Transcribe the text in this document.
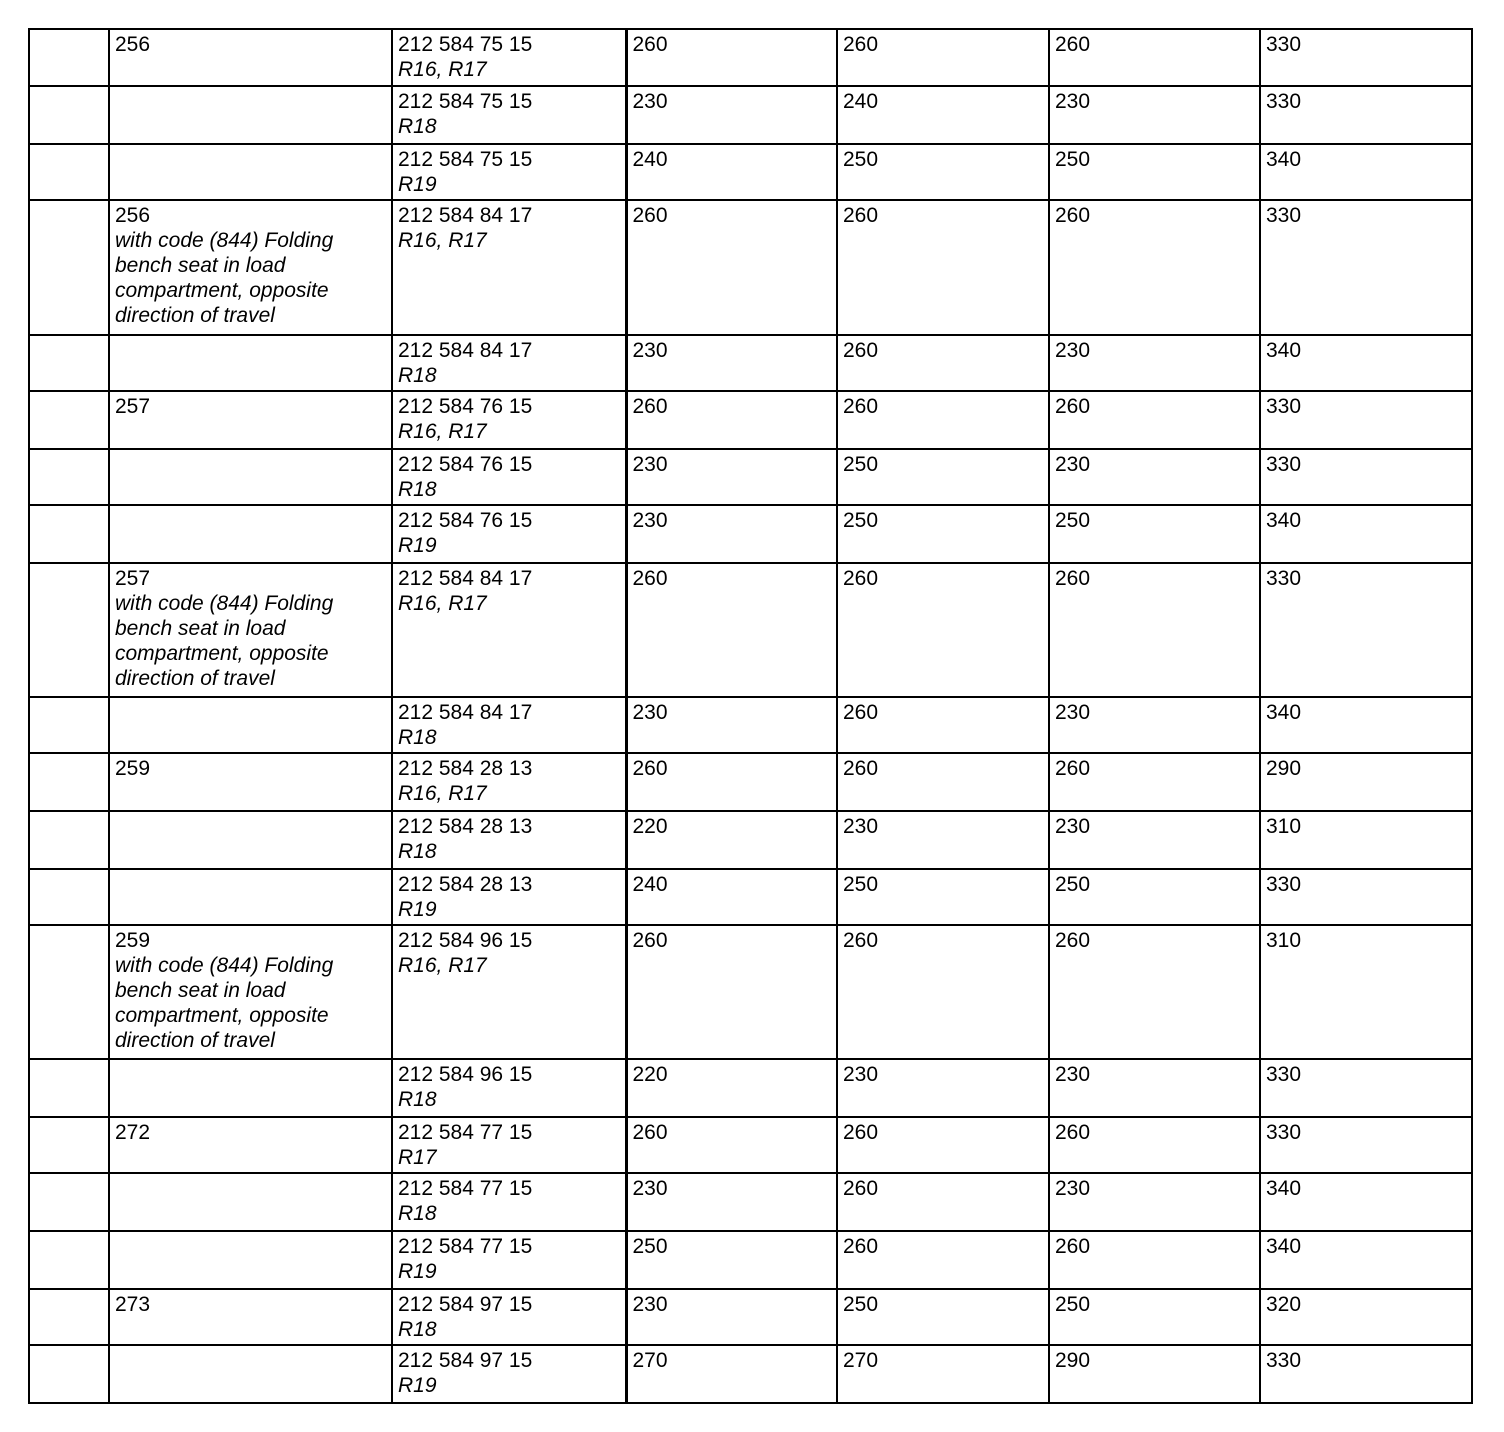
	256	212 584 75 15
R16, R17	260	260	260	330

		212 584 75 15
R18	230	240	230	330

		212 584 75 15
R19	240	250	250	340

	256
with code (844) Folding bench seat in load compartment, opposite direction of travel	212 584 84 17
R16, R17	260	260	260	330

		212 584 84 17
R18	230	260	230	340

	257	212 584 76 15
R16, R17	260	260	260	330

		212 584 76 15
R18	230	250	230	330

		212 584 76 15
R19	230	250	250	340

	257
with code (844) Folding bench seat in load compartment, opposite direction of travel	212 584 84 17
R16, R17	260	260	260	330

		212 584 84 17
R18	230	260	230	340

	259	212 584 28 13
R16, R17	260	260	260	290

		212 584 28 13
R18	220	230	230	310

		212 584 28 13
R19	240	250	250	330

	259
with code (844) Folding bench seat in load compartment, opposite direction of travel	212 584 96 15
R16, R17	260	260	260	310

		212 584 96 15
R18	220	230	230	330

	272	212 584 77 15
R17	260	260	260	330

		212 584 77 15
R18	230	260	230	340

		212 584 77 15
R19	250	260	260	340

	273	212 584 97 15
R18	230	250	250	320

		212 584 97 15
R19	270	270	290	330
